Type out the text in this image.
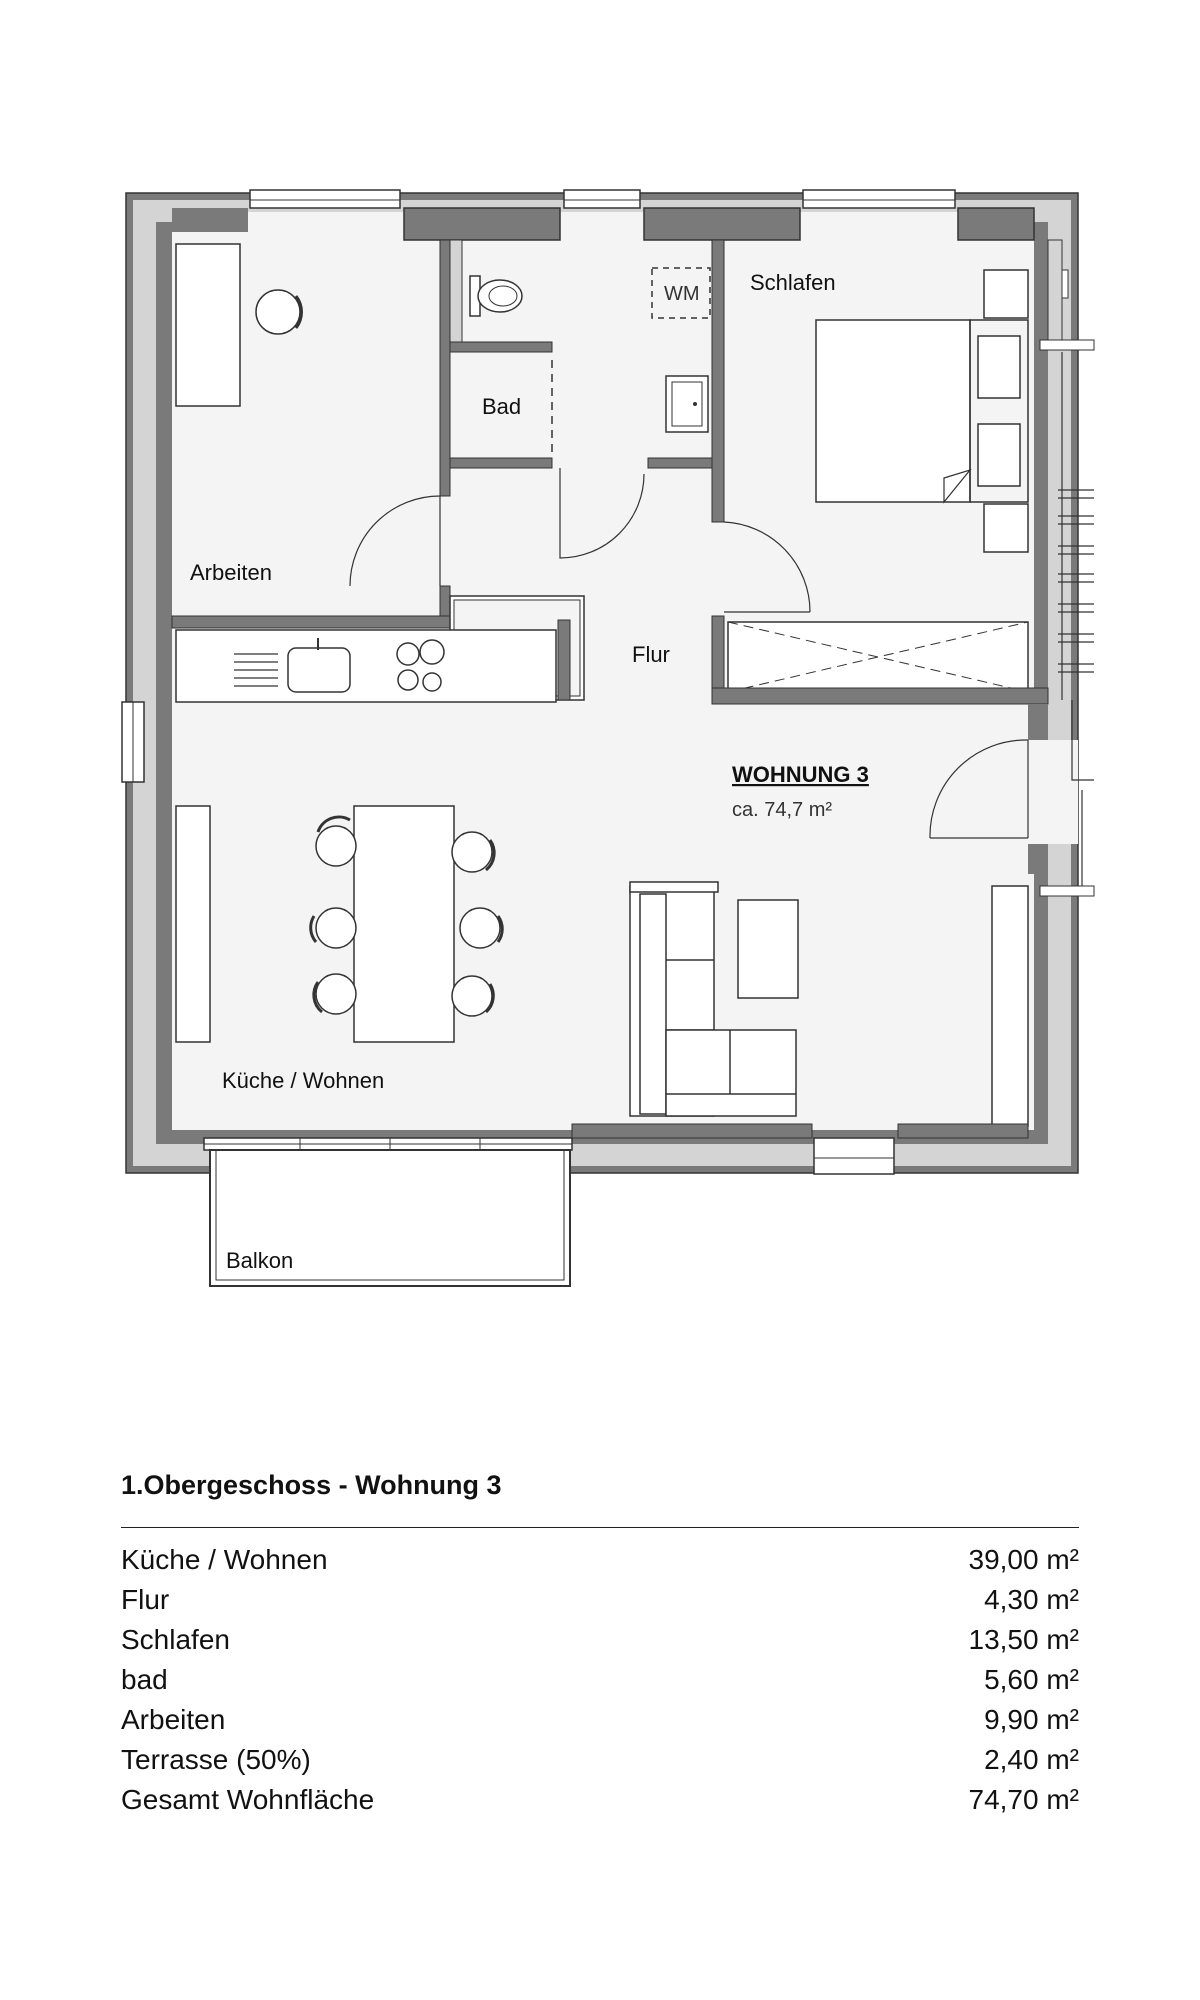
WM Schlafen
Bad
Arbeiten
Flur
WOHNUNG 3
ca. 74,7 m²
Küche / Wohnen
Balkon
1.Obergeschoss - Wohnung 3
Küche / Wohnen	39,00 m²
Flur	4,30 m²
Schlafen	13,50 m²
bad	5,60 m²
Arbeiten	9,90 m²
Terrasse (50%)	2,40 m²
Gesamt Wohnfläche	74,70 m²
